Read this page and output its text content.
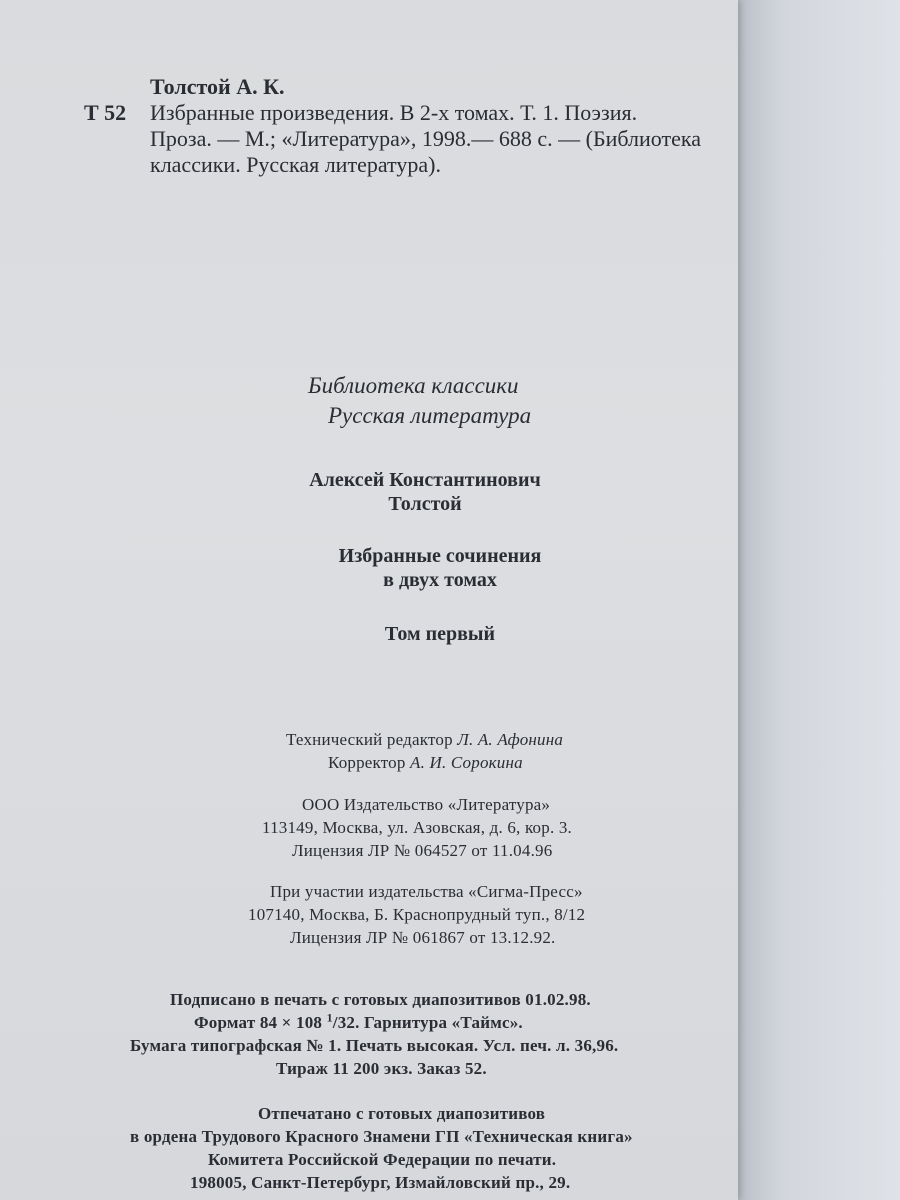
Толстой А. К.
Т 52 Избранные произведения. В 2-х томах. Т. 1. Поэзия.
Проза. — М.; «Литература», 1998.— 688 с. — (Библиотека
классики. Русская литература).
Библиотека классики
Русская литература
Алексей Константинович
Толстой
Избранные сочинения
в двух томах
Том первый
Технический редактор Л. А. Афонина
Корректор А. И. Сорокина
ООО Издательство «Литература»
113149, Москва, ул. Азовская, д. 6, кор. 3.
Лицензия ЛР № 064527 от 11.04.96
При участии издательства «Сигма-Пресс»
107140, Москва, Б. Краснопрудный туп., 8/12
Лицензия ЛР № 061867 от 13.12.92.
Подписано в печать с готовых диапозитивов 01.02.98.
Формат 84 × 108 $^1$/32. Гарнитура «Таймс».
Бумага типографская № 1. Печать высокая. Усл. печ. л. 36,96.
Тираж 11 200 экз. Заказ 52.
Отпечатано с готовых диапозитивов
в ордена Трудового Красного Знамени ГП «Техническая книга»
Комитета Российской Федерации по печати.
198005, Санкт-Петербург, Измайловский пр., 29.
